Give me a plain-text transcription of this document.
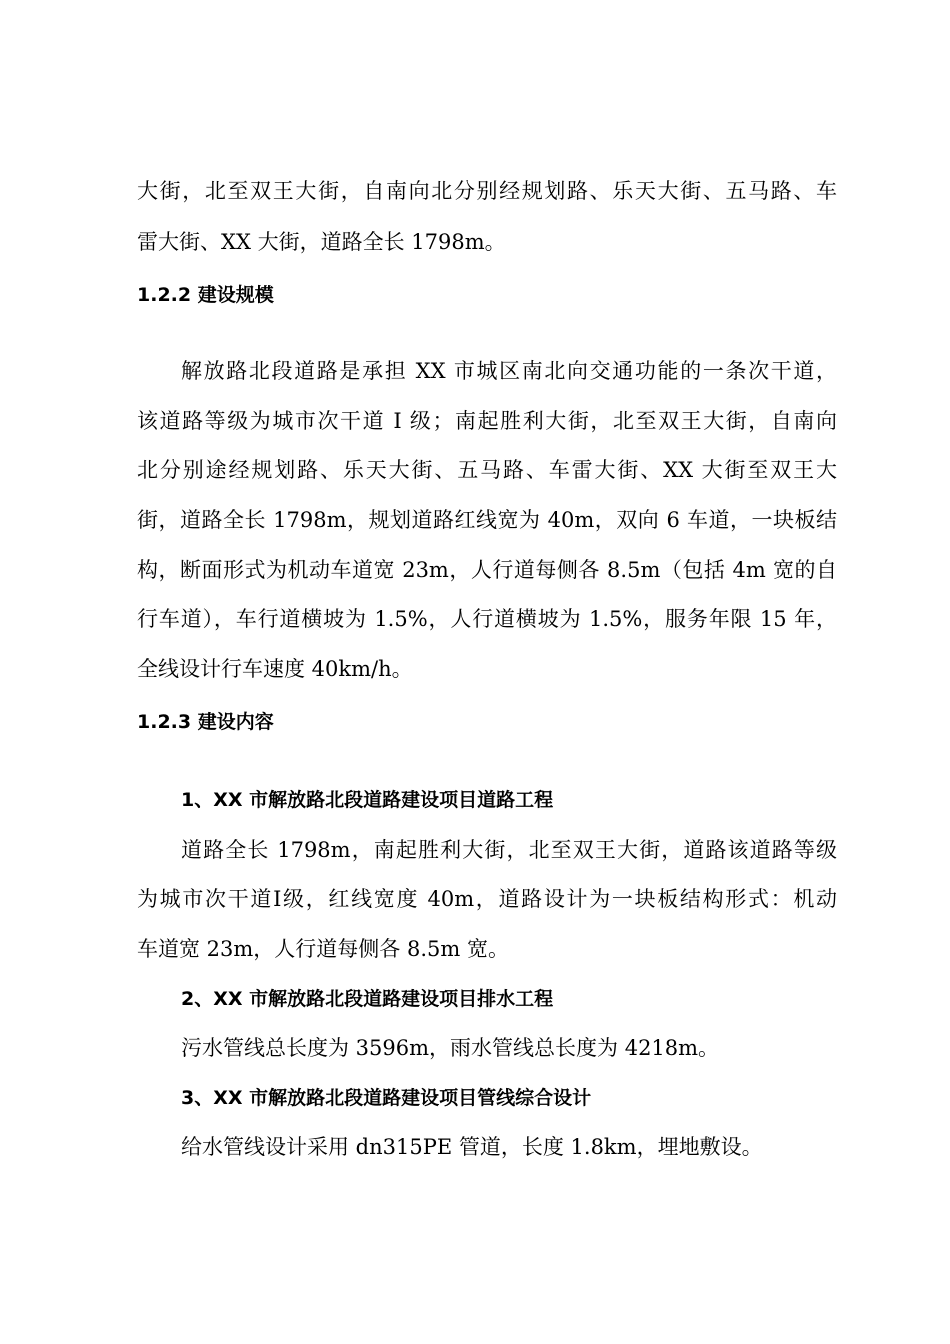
大街，北至双王大街，自南向北分别经规划路、乐天大街、五马路、车
雷大街、XX 大街，道路全长 1798m。
1.2.2 建设规模
解放路北段道路是承担 XX 市城区南北向交通功能的一条次干道，
该道路等级为城市次干道 I 级；南起胜利大街，北至双王大街，自南向
北分别途经规划路、乐天大街、五马路、车雷大街、XX 大街至双王大
街，道路全长 1798m，规划道路红线宽为 40m，双向 6 车道，一块板结
构，断面形式为机动车道宽 23m，人行道每侧各 8.5m（包括 4m 宽的自
行车道），车行道横坡为 1.5%，人行道横坡为 1.5%，服务年限 15 年，
全线设计行车速度 40km/h。
1.2.3 建设内容
1、XX 市解放路北段道路建设项目道路工程
道路全长 1798m，南起胜利大街，北至双王大街，道路该道路等级
为城市次干道Ⅰ级，红线宽度 40m，道路设计为一块板结构形式：机动
车道宽 23m，人行道每侧各 8.5m 宽。
2、XX 市解放路北段道路建设项目排水工程
污水管线总长度为 3596m，雨水管线总长度为 4218m。
3、XX 市解放路北段道路建设项目管线综合设计
给水管线设计采用 dn315PE 管道，长度 1.8km，埋地敷设。
